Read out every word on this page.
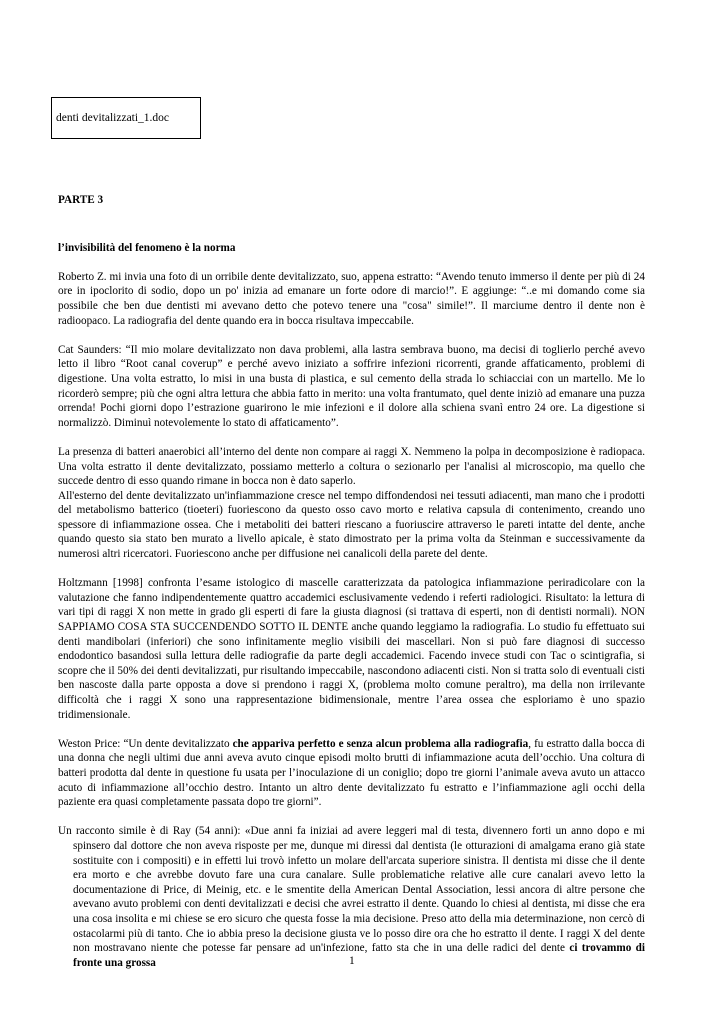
denti devitalizzati_1.doc

PARTE 3

l’invisibilità del fenomeno è la norma

Roberto Z. mi invia una foto di un orribile dente devitalizzato, suo, appena estratto: “Avendo tenuto immerso il dente per più di 24 ore in ipoclorito di sodio, dopo un po' inizia ad emanare un forte odore di marcio!”. E aggiunge: “..e mi domando come sia possibile che ben due dentisti mi avevano detto che potevo tenere una "cosa" simile!”. Il marciume dentro il dente non è radioopaco. La radiografia del dente quando era in bocca risultava impeccabile.

Cat Saunders: “Il mio molare devitalizzato non dava problemi, alla lastra sembrava buono, ma decisi di toglierlo perché avevo letto il libro “Root canal coverup” e perché avevo iniziato a soffrire infezioni ricorrenti, grande affaticamento, problemi di digestione. Una volta estratto, lo misi in una busta di plastica, e sul cemento della strada lo schiacciai con un martello. Me lo ricorderò sempre; più che ogni altra lettura che abbia fatto in merito: una volta frantumato, quel dente iniziò ad emanare una puzza orrenda! Pochi giorni dopo l’estrazione guarirono le mie infezioni e il dolore alla schiena svanì entro 24 ore. La digestione si normalizzò. Diminuì notevolemente lo stato di affaticamento”.

La presenza di batteri anaerobici all’interno del dente non compare ai raggi X. Nemmeno la polpa in decomposizione è radiopaca. Una volta estratto il dente devitalizzato, possiamo metterlo a coltura o sezionarlo per l'analisi al microscopio, ma quello che succede dentro di esso quando rimane in bocca non è dato saperlo.

All'esterno del dente devitalizzato un'infiammazione cresce nel tempo diffondendosi nei tessuti adiacenti, man mano che i prodotti del metabolismo batterico (tioeteri) fuoriescono da questo osso cavo morto e relativa capsula di contenimento, creando uno spessore di infiammazione ossea. Che i metaboliti dei batteri riescano a fuoriuscire attraverso le pareti intatte del dente, anche quando questo sia stato ben murato a livello apicale, è stato dimostrato per la prima volta da Steinman e successivamente da numerosi altri ricercatori. Fuoriescono anche per diffusione nei canalicoli della parete del dente.

Holtzmann [1998] confronta l’esame istologico di mascelle caratterizzata da patologica infiammazione periradicolare con la valutazione che fanno indipendentemente quattro accademici esclusivamente vedendo i referti radiologici. Risultato: la lettura di vari tipi di raggi X non mette in grado gli esperti di fare la giusta diagnosi (si trattava di esperti, non di dentisti normali). NON SAPPIAMO COSA STA SUCCENDENDO SOTTO IL DENTE anche quando leggiamo la radiografia. Lo studio fu effettuato sui denti mandibolari (inferiori) che sono infinitamente meglio visibili dei mascellari. Non si può fare diagnosi di successo endodontico basandosi sulla lettura delle radiografie da parte degli accademici. Facendo invece studi con Tac o scintigrafia, si scopre che il 50% dei denti devitalizzati, pur risultando impeccabile, nascondono adiacenti cisti. Non si tratta solo di eventuali cisti ben nascoste dalla parte opposta a dove si prendono i raggi X, (problema molto comune peraltro), ma della non irrilevante difficoltà che i raggi X sono una rappresentazione bidimensionale, mentre l’area ossea che esploriamo è uno spazio tridimensionale.

Weston Price: “Un dente devitalizzato che appariva perfetto e senza alcun problema alla radiografia, fu estratto dalla bocca di una donna che negli ultimi due anni aveva avuto cinque episodi molto brutti di infiammazione acuta dell’occhio. Una coltura di batteri prodotta dal dente in questione fu usata per l’inoculazione di un coniglio; dopo tre giorni l’animale aveva avuto un attacco acuto di infiammazione all’occhio destro. Intanto un altro dente devitalizzato fu estratto e l’infiammazione agli occhi della paziente era quasi completamente passata dopo tre giorni”.

Un racconto simile è di Ray (54 anni): «Due anni fa iniziai ad avere leggeri mal di testa, divennero forti un anno dopo e mi spinsero dal dottore che non aveva risposte per me, dunque mi diressi dal dentista (le otturazioni di amalgama erano già state sostituite con i compositi) e in effetti lui trovò infetto un molare dell'arcata superiore sinistra. Il dentista mi disse che il dente era morto e che avrebbe dovuto fare una cura canalare. Sulle problematiche relative alle cure canalari avevo letto la documentazione di Price, di Meinig, etc. e le smentite della American Dental Association, lessi ancora di altre persone che avevano avuto problemi con denti devitalizzati e decisi che avrei estratto il dente. Quando lo chiesi al dentista, mi disse che era una cosa insolita e mi chiese se ero sicuro che questa fosse la mia decisione. Preso atto della mia determinazione, non cercò di ostacolarmi più di tanto. Che io abbia preso la decisione giusta ve lo posso dire ora che ho estratto il dente. I raggi X del dente non mostravano niente che potesse far pensare ad un'infezione, fatto sta che in una delle radici del dente ci trovammo di fronte una grossa	1
